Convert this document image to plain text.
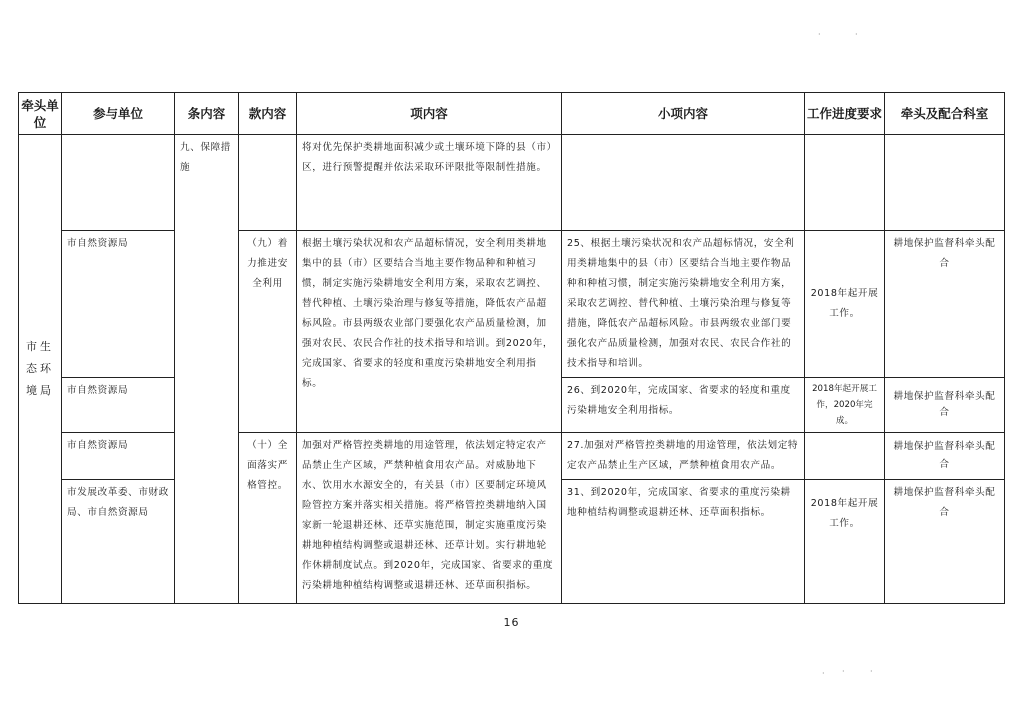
·	·
牵头单位	参与单位	条内容	款内容	项内容	小项内容	工作进度要求	牵头及配合科室
市生态环境局		九、保障措施		将对优先保护类耕地面积减少或土壤环境下降的县（市）区，进行预警提醒并依法采取环评限批等限制性措施。			
	市自然资源局		（九）着力推进安全利用	根据土壤污染状况和农产品超标情况，安全利用类耕地集中的县（市）区要结合当地主要作物品种和种植习惯，制定实施污染耕地安全利用方案，采取农艺调控、替代种植、土壤污染治理与修复等措施，降低农产品超标风险。市县两级农业部门要强化农产品质量检测，加强对农民、农民合作社的技术指导和培训。到2020年，完成国家、省要求的轻度和重度污染耕地安全利用指标。	25、根据土壤污染状况和农产品超标情况，安全利用类耕地集中的县（市）区要结合当地主要作物品种和种植习惯，制定实施污染耕地安全利用方案，采取农艺调控、替代种植、土壤污染治理与修复等措施，降低农产品超标风险。市县两级农业部门要强化农产品质量检测，加强对农民、农民合作社的技术指导和培训。	2018年起开展工作。	耕地保护监督科牵头配合
	市自然资源局				26、到2020年，完成国家、省要求的轻度和重度污染耕地安全利用指标。	2018年起开展工作，2020年完成。	耕地保护监督科牵头配合
	市自然资源局		（十）全面落实严格管控。	加强对严格管控类耕地的用途管理，依法划定特定农产品禁止生产区域，严禁种植食用农产品。对威胁地下水、饮用水水源安全的，有关县（市）区要制定环境风险管控方案并落实相关措施。将严格管控类耕地纳入国家新一轮退耕还林、还草实施范围，制定实施重度污染耕地种植结构调整或退耕还林、还草计划。实行耕地轮作休耕制度试点。到2020年，完成国家、省要求的重度污染耕地种植结构调整或退耕还林、还草面积指标。	27.加强对严格管控类耕地的用途管理，依法划定特定农产品禁止生产区域，严禁种植食用农产品。		耕地保护监督科牵头配合
	市发展改革委、市财政局、市自然资源局				31、到2020年，完成国家、省要求的重度污染耕地种植结构调整或退耕还林、还草面积指标。	2018年起开展工作。	耕地保护监督科牵头配合
16
· ·	·
